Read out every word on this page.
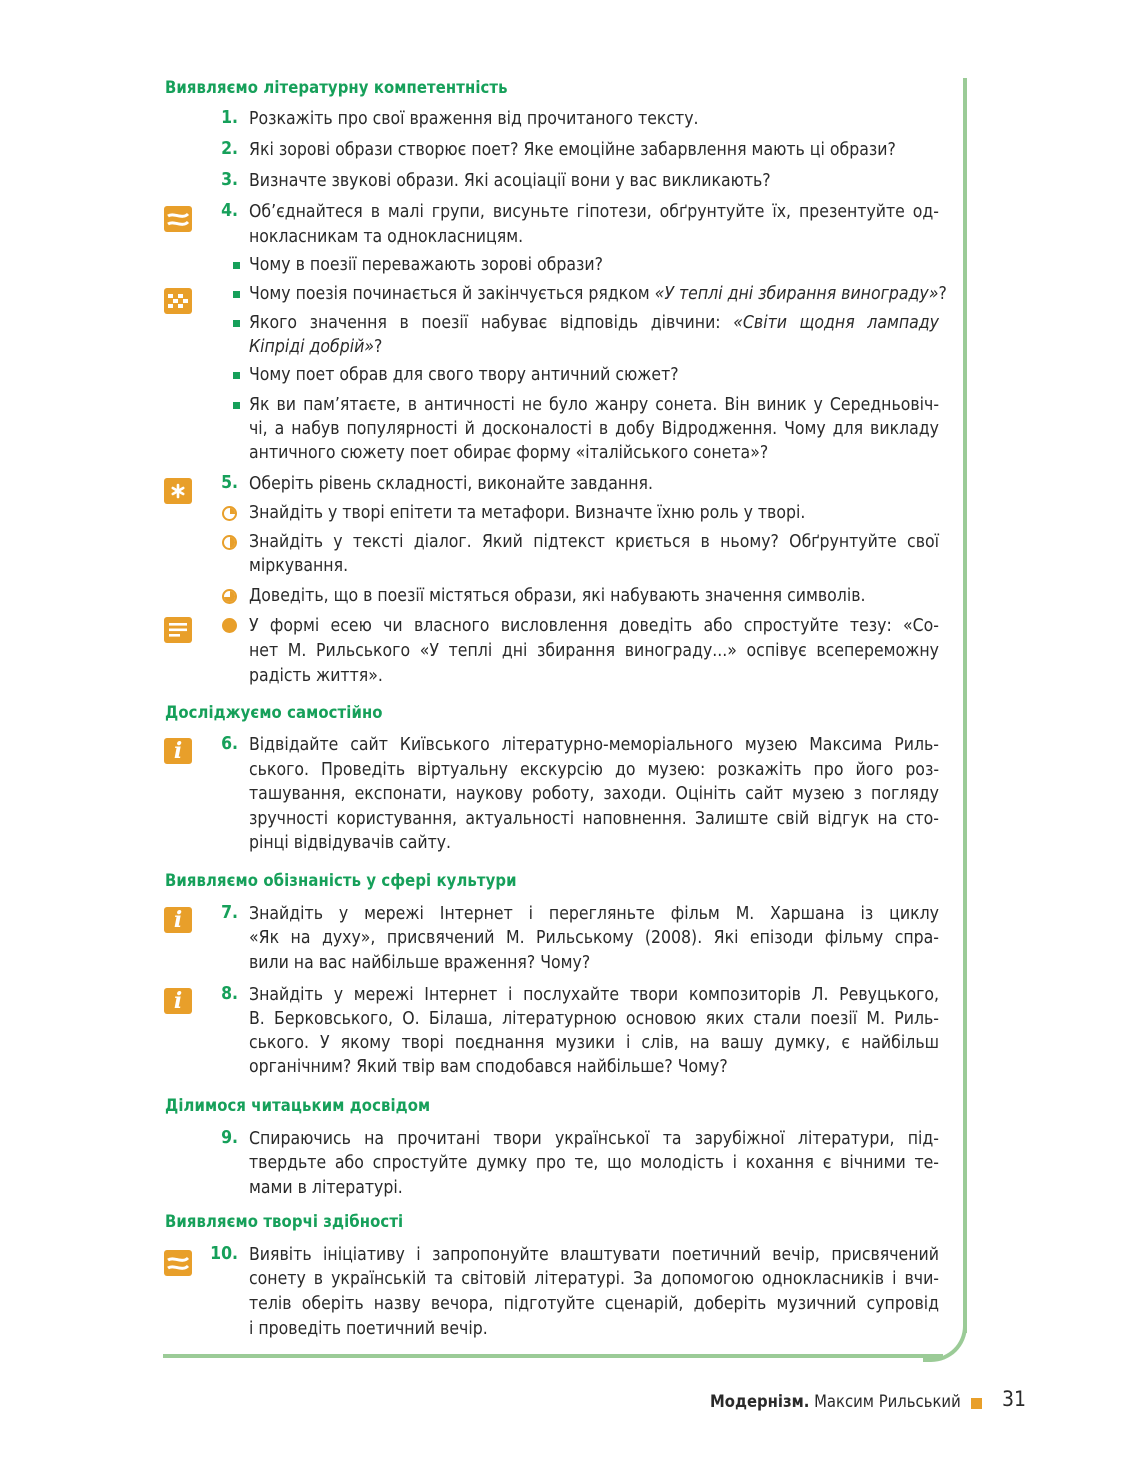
Виявляємо літературну компетентність
1. Розкажіть про свої враження від прочитаного тексту.
2. Які зорові образи створює поет? Яке емоційне забарвлення мають ці образи?
3. Визначте звукові образи. Які асоціації вони у вас викликають?
4. Об’єднайтеся в малі групи, висуньте гіпотези, обґрунтуйте їх, презентуйте од-
нокласникам та однокласницям.
Чому в поезії переважають зорові образи?
Чому поезія починається й закінчується рядком «У теплі дні збирання винограду»?
Якого значення в поезії набуває відповідь дівчини: «Світи щодня лампаду
Кіпріді добрій»?
Чому поет обрав для свого твору античний сюжет?
Як ви пам’ятаєте, в античності не було жанру сонета. Він виник у Середньовіч-
чі, а набув популярності й досконалості в добу Відродження. Чому для викладу
античного сюжету поет обирає форму «італійського сонета»?
5. Оберіть рівень складності, виконайте завдання.
Знайдіть у творі епітети та метафори. Визначте їхню роль у творі.
Знайдіть у тексті діалог. Який підтекст криється в ньому? Обґрунтуйте свої
міркування.
Доведіть, що в поезії містяться образи, які набувають значення символів.
У формі есею чи власного висловлення доведіть або спростуйте тезу: «Со-
нет М. Рильського «У теплі дні збирання винограду...» оспівує всепереможну
радість життя».
Досліджуємо самостійно
i	6. Відвідайте сайт Київського літературно-меморіального музею Максима Риль-
ського. Проведіть віртуальну екскурсію до музею: розкажіть про його роз-
ташування, експонати, наукову роботу, заходи. Оцініть сайт музею з погляду
зручності користування, актуальності наповнення. Залиште свій відгук на сто-
рінці відвідувачів сайту.
Виявляємо обізнаність у сфері культури
i	7. Знайдіть у мережі Інтернет і перегляньте фільм М. Харшана із циклу
«Як на духу», присвячений М. Рильському (2008). Які епізоди фільму спра-
вили на вас найбільше враження? Чому?
i	8. Знайдіть у мережі Інтернет і послухайте твори композиторів Л. Ревуцького,
В. Берковського, О. Білаша, літературною основою яких стали поезії М. Риль-
ського. У якому творі поєднання музики і слів, на вашу думку, є найбільш
органічним? Який твір вам сподобався найбільше? Чому?
Ділимося читацьким досвідом
9. Спираючись на прочитані твори української та зарубіжної літератури, під-
твердьте або спростуйте думку про те, що молодість і кохання є вічними те-
мами в літературі.
Виявляємо творчі здібності
10. Виявіть ініціативу і запропонуйте влаштувати поетичний вечір, присвячений
сонету в українській та світовій літературі. За допомогою однокласників і вчи-
телів оберіть назву вечора, підготуйте сценарій, доберіть музичний супровід
і проведіть поетичний вечір.
Модернізм. Максим Рильський 31
